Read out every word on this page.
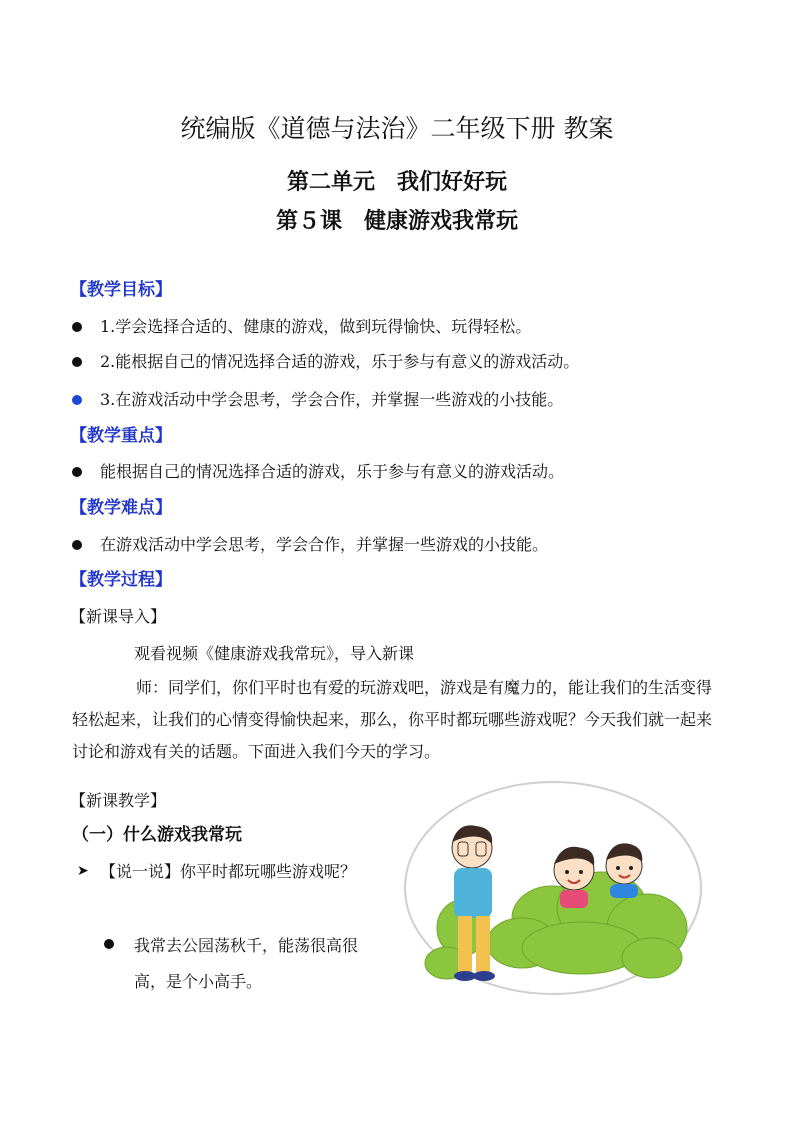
统编版《道德与法治》二年级下册 教案
第二单元　我们好好玩
第５课　健康游戏我常玩
【教学目标】
1.学会选择合适的、健康的游戏，做到玩得愉快、玩得轻松。
2.能根据自己的情况选择合适的游戏，乐于参与有意义的游戏活动。
3.在游戏活动中学会思考，学会合作，并掌握一些游戏的小技能。
【教学重点】
能根据自己的情况选择合适的游戏，乐于参与有意义的游戏活动。
【教学难点】
在游戏活动中学会思考，学会合作，并掌握一些游戏的小技能。
【教学过程】
【新课导入】
观看视频《健康游戏我常玩》，导入新课
师：同学们，你们平时也有爱的玩游戏吧，游戏是有魔力的，能让我们的生活变得轻松起来，让我们的心情变得愉快起来，那么，你平时都玩哪些游戏呢？今天我们就一起来讨论和游戏有关的话题。下面进入我们今天的学习。
【新课教学】
（一）什么游戏我常玩
➤ 【说一说】你平时都玩哪些游戏呢？
我常去公园荡秋千，能荡很高很高，是个小高手。
